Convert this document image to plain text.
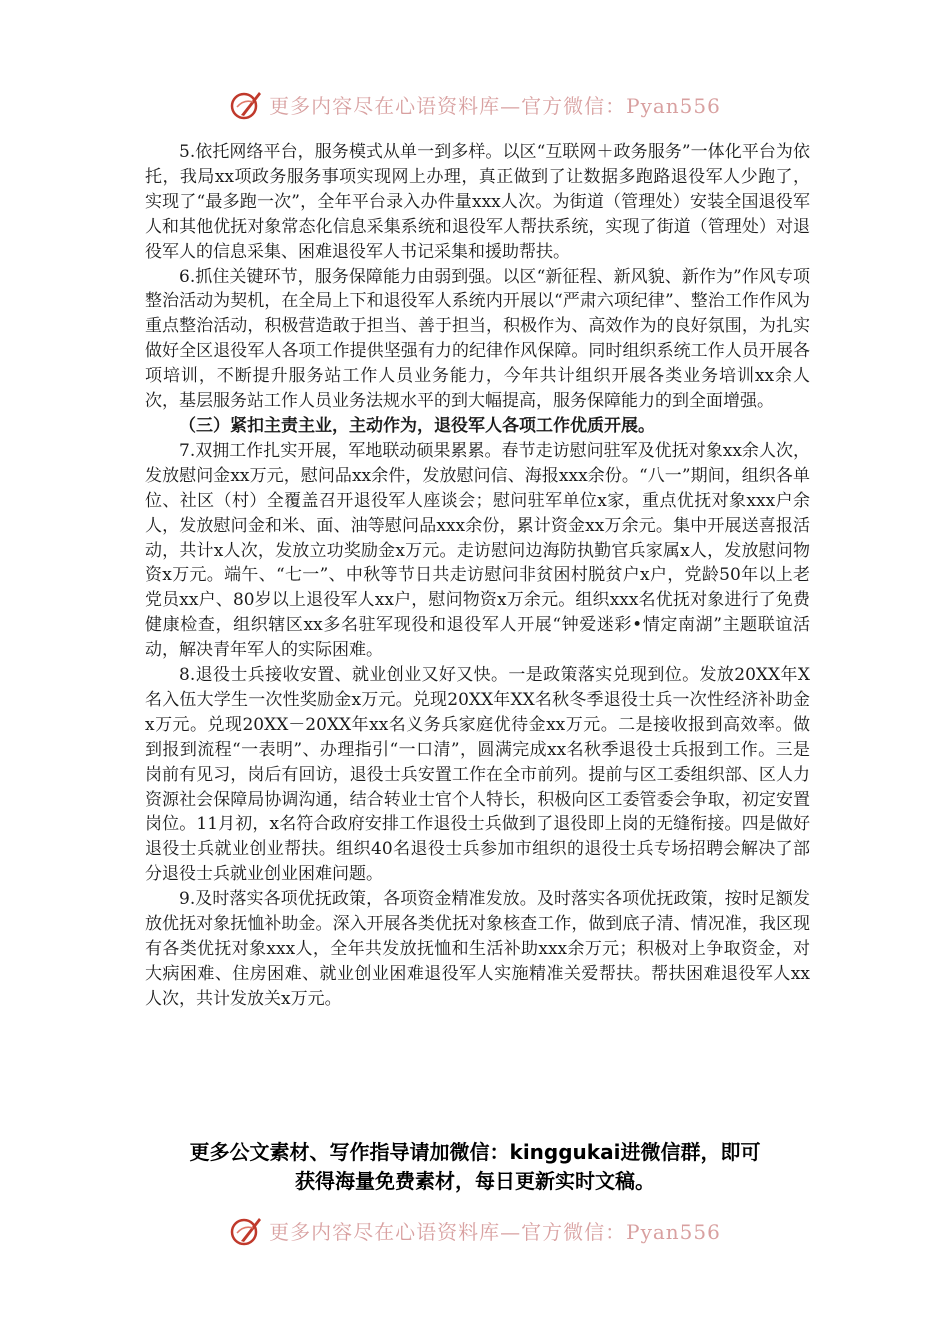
更多内容尽在心语资料库—官方微信：Pyan556

5.依托网络平台，服务模式从单一到多样。以区“互联网＋政务服务”一体化平台为依托，我局xx项政务服务事项实现网上办理，真正做到了让数据多跑路退役军人少跑了，实现了“最多跑一次”，全年平台录入办件量xxx人次。为街道（管理处）安装全国退役军人和其他优抚对象常态化信息采集系统和退役军人帮扶系统，实现了街道（管理处）对退役军人的信息采集、困难退役军人书记采集和援助帮扶。

6.抓住关键环节，服务保障能力由弱到强。以区“新征程、新风貌、新作为”作风专项整治活动为契机，在全局上下和退役军人系统内开展以“严肃六项纪律”、整治工作作风为重点整治活动，积极营造敢于担当、善于担当，积极作为、高效作为的良好氛围，为扎实做好全区退役军人各项工作提供坚强有力的纪律作风保障。同时组织系统工作人员开展各项培训，不断提升服务站工作人员业务能力，今年共计组织开展各类业务培训xx余人次，基层服务站工作人员业务法规水平的到大幅提高，服务保障能力的到全面增强。

（三）紧扣主责主业，主动作为，退役军人各项工作优质开展。

7.双拥工作扎实开展，军地联动硕果累累。春节走访慰问驻军及优抚对象xx余人次，发放慰问金xx万元，慰问品xx余件，发放慰问信、海报xxx余份。“八一”期间，组织各单位、社区（村）全覆盖召开退役军人座谈会；慰问驻军单位x家，重点优抚对象xxx户余人，发放慰问金和米、面、油等慰问品xxx余份，累计资金xx万余元。集中开展送喜报活动，共计x人次，发放立功奖励金x万元。走访慰问边海防执勤官兵家属x人，发放慰问物资x万元。端午、“七一”、中秋等节日共走访慰问非贫困村脱贫户x户，党龄50年以上老党员xx户、80岁以上退役军人xx户，慰问物资x万余元。组织xxx名优抚对象进行了免费健康检查，组织辖区xx多名驻军现役和退役军人开展“钟爱迷彩•情定南湖”主题联谊活动，解决青年军人的实际困难。

8.退役士兵接收安置、就业创业又好又快。一是政策落实兑现到位。发放20XX年X名入伍大学生一次性奖励金x万元。兑现20XX年XX名秋冬季退役士兵一次性经济补助金x万元。兑现20XX－20XX年xx名义务兵家庭优待金xx万元。二是接收报到高效率。做到报到流程“一表明”、办理指引“一口清”，圆满完成xx名秋季退役士兵报到工作。三是岗前有见习，岗后有回访，退役士兵安置工作在全市前列。提前与区工委组织部、区人力资源社会保障局协调沟通，结合转业士官个人特长，积极向区工委管委会争取，初定安置岗位。11月初，x名符合政府安排工作退役士兵做到了退役即上岗的无缝衔接。四是做好退役士兵就业创业帮扶。组织40名退役士兵参加市组织的退役士兵专场招聘会解决了部分退役士兵就业创业困难问题。

9.及时落实各项优抚政策，各项资金精准发放。及时落实各项优抚政策，按时足额发放优抚对象抚恤补助金。深入开展各类优抚对象核查工作，做到底子清、情况准，我区现有各类优抚对象xxx人，全年共发放抚恤和生活补助xxx余万元；积极对上争取资金，对大病困难、住房困难、就业创业困难退役军人实施精准关爱帮扶。帮扶困难退役军人xx人次，共计发放关x万元。

更多公文素材、写作指导请加微信：kinggukai进微信群，即可
获得海量免费素材，每日更新实时文稿。
更多内容尽在心语资料库—官方微信：Pyan556
